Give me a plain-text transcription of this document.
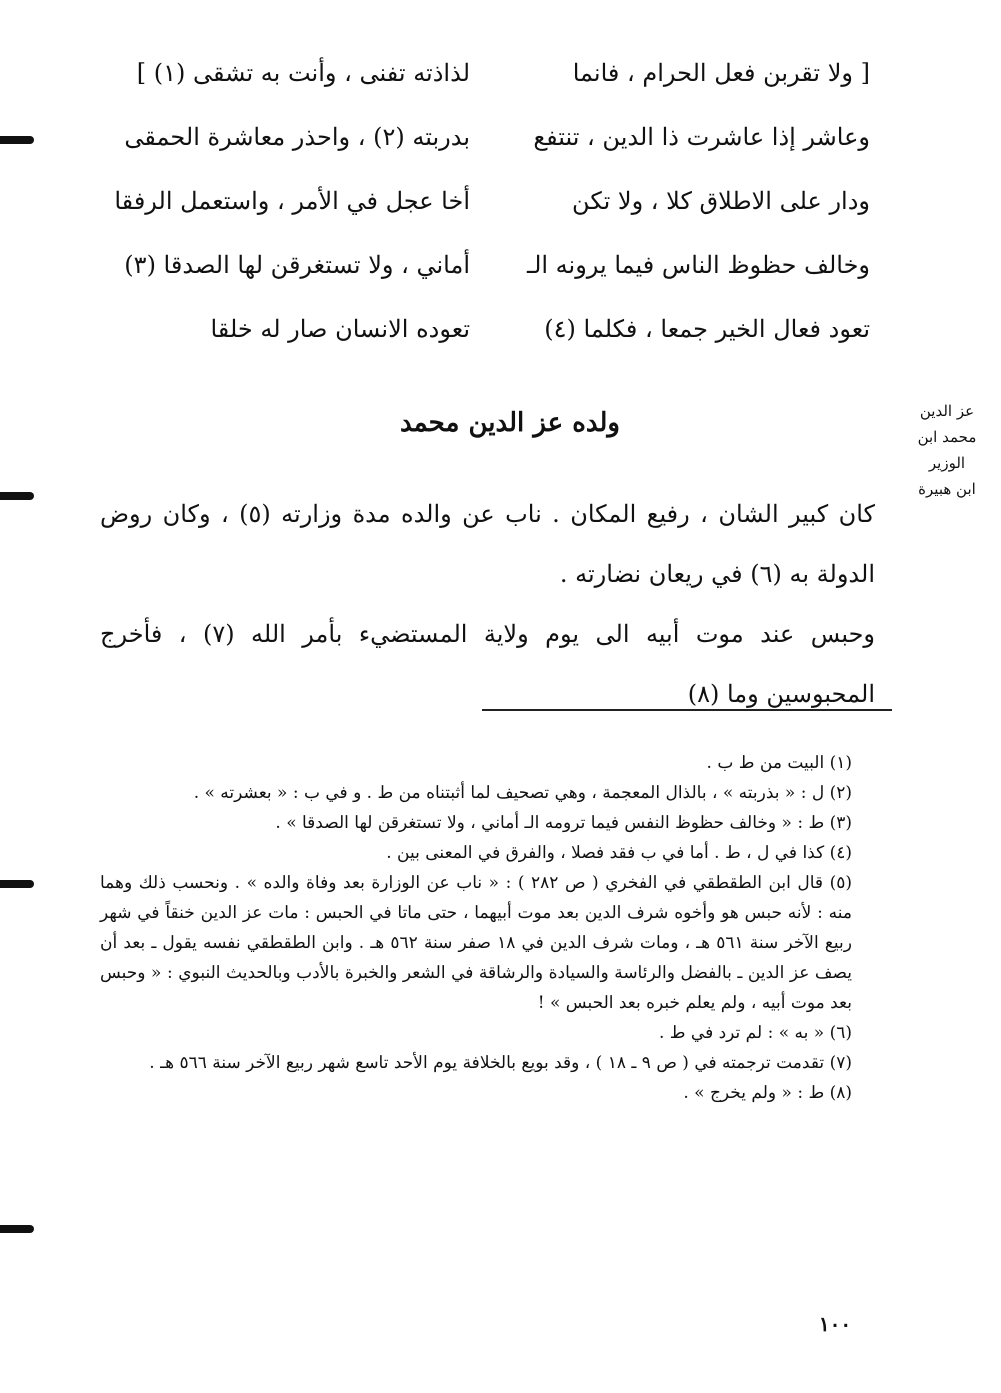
[ ولا تقربن فعل الحرام ، فانما
لذاذته تفنى ، وأنت به تشقى (١) ]
وعاشر إذا عاشرت ذا الدين ، تنتفع
بدربته (٢) ، واحذر معاشرة الحمقى
ودار على الاطلاق كلا ، ولا تكن
أخا عجل في الأمر ، واستعمل الرفقا
وخالف حظوظ الناس فيما يرونه الـ
أماني ، ولا تستغرقن لها الصدقا (٣)
تعود فعال الخير جمعا ، فكلما (٤)
تعوده الانسان صار له خلقا
عز الدين
محمد ابن الوزير
ابن هبيرة
ولده عز الدين محمد

كان كبير الشان ، رفيع المكان . ناب عن والده مدة وزارته (٥) ، وكان روض الدولة به (٦) في ريعان نضارته .

وحبس عند موت أبيه الى يوم ولاية المستضيء بأمر الله (٧) ، فأخرج المحبوسين وما (٨)

(١) البيت من ط ب .

(٢) ل : « بذربته » ، بالذال المعجمة ، وهي تصحيف لما أثبتناه من ط . و في ب : « بعشرته » .

(٣) ط : « وخالف حظوظ النفس فيما ترومه الـ أماني ، ولا تستغرقن لها الصدقا » .

(٤) كذا في ل ، ط . أما في ب فقد فصلا ، والفرق في المعنى بين .

(٥) قال ابن الطقطقي في الفخري ( ص ٢٨٢ ) : « ناب عن الوزارة بعد وفاة والده » . ونحسب ذلك وهما منه : لأنه حبس هو وأخوه شرف الدين بعد موت أبيهما ، حتى ماتا في الحبس : مات عز الدين خنقاً في شهر ربيع الآخر سنة ٥٦١ هـ ، ومات شرف الدين في ١٨ صفر سنة ٥٦٢ هـ . وابن الطقطقي نفسه يقول ـ بعد أن يصف عز الدين ـ بالفضل والرئاسة والسيادة والرشاقة في الشعر والخبرة بالأدب وبالحديث النبوي : « وحبس بعد موت أبيه ، ولم يعلم خبره بعد الحبس » !

(٦) « به » : لم ترد في ط .

(٧) تقدمت ترجمته في ( ص ٩ ـ ١٨ ) ، وقد بويع بالخلافة يوم الأحد تاسع شهر ربيع الآخر سنة ٥٦٦ هـ .

(٨) ط : « ولم يخرج » .

١٠٠
